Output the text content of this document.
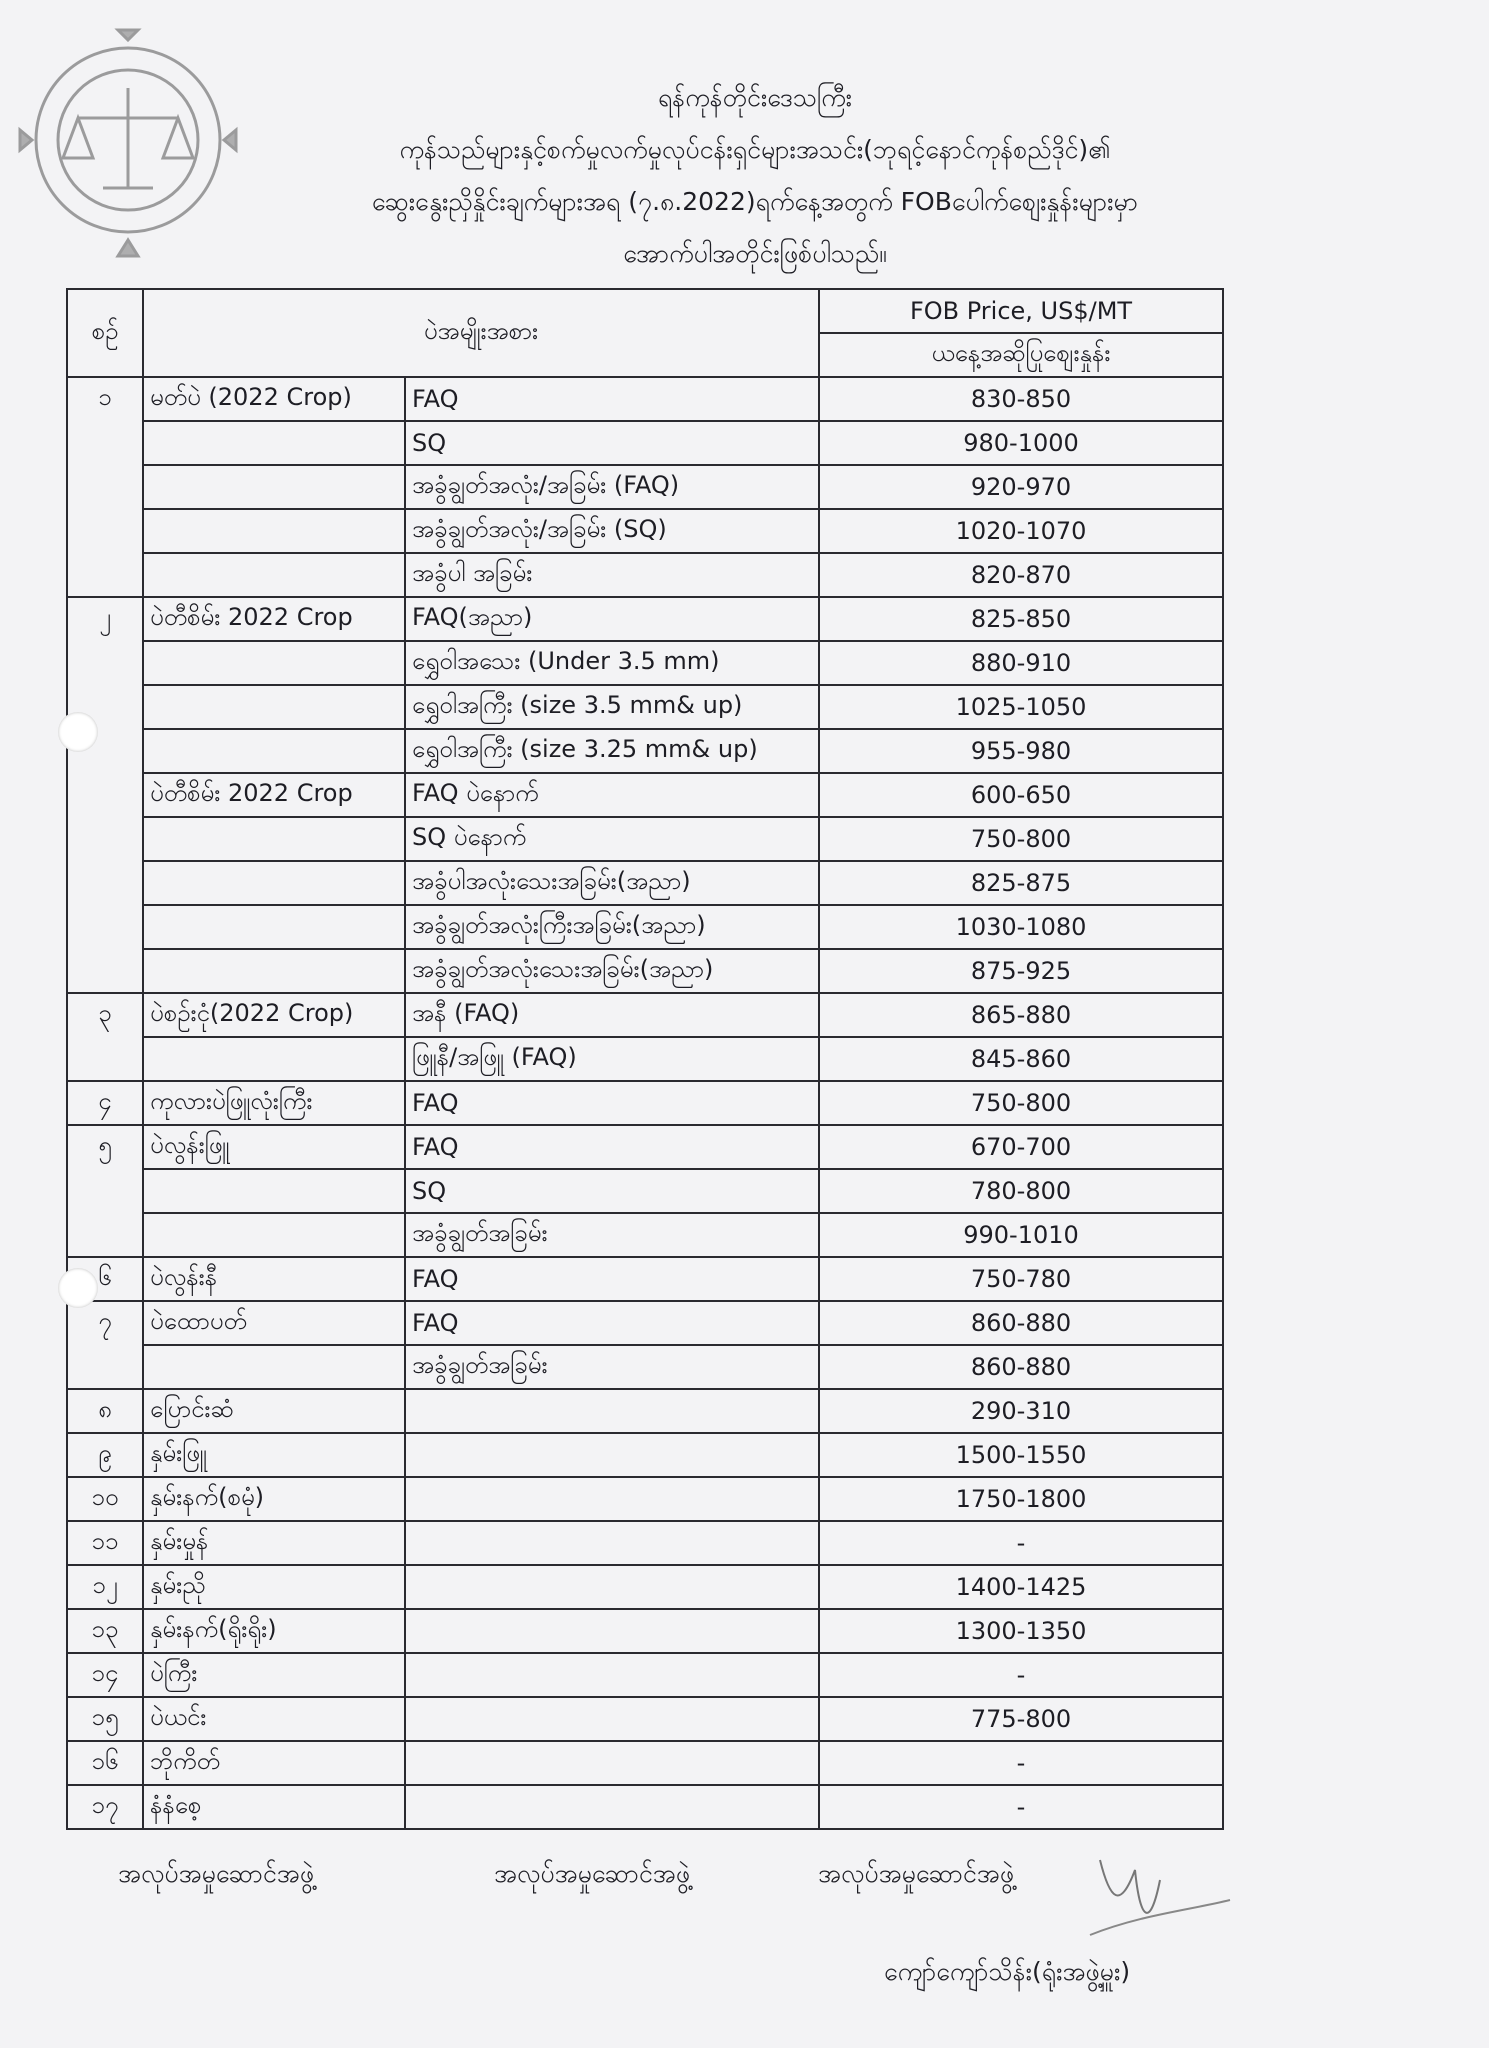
ရန်ကုန်တိုင်းဒေသကြီး
ကုန်သည်များနှင့်စက်မှုလက်မှုလုပ်ငန်းရှင်များအသင်း(ဘုရင့်နောင်ကုန်စည်ဒိုင်)၏
ဆွေးနွေးညှိနှိုင်းချက်များအရ (၇.၈.2022)ရက်နေ့အတွက် FOBပေါက်စျေးနှုန်းများမှာ
အောက်ပါအတိုင်းဖြစ်ပါသည်။
စဉ်	ပဲအမျိုးအစား		FOB Price, US$/MT
			ယနေ့အဆိုပြုစျေးနှုန်း
၁	မတ်ပဲ (2022 Crop)	FAQ	830-850
		SQ	980-1000
		အခွံချွတ်အလုံး/အခြမ်း (FAQ)	920-970
		အခွံချွတ်အလုံး/အခြမ်း (SQ)	1020-1070
		အခွံပါ အခြမ်း	820-870
၂	ပဲတီစိမ်း 2022 Crop	FAQ(အညာ)	825-850
		ရွှေဝါအသေး (Under 3.5 mm)	880-910
		ရွှေဝါအကြီး (size 3.5 mm& up)	1025-1050
		ရွှေဝါအကြီး (size 3.25 mm& up)	955-980
	ပဲတီစိမ်း 2022 Crop	FAQ ပဲနောက်	600-650
		SQ ပဲနောက်	750-800
		အခွံပါအလုံးသေးအခြမ်း(အညာ)	825-875
		အခွံချွတ်အလုံးကြီးအခြမ်း(အညာ)	1030-1080
		အခွံချွတ်အလုံးသေးအခြမ်း(အညာ)	875-925
၃	ပဲစဉ်းငုံ(2022 Crop)	အနီ (FAQ)	865-880
		ဖြူနီ/အဖြူ (FAQ)	845-860
၄	ကုလားပဲဖြူလုံးကြီး	FAQ	750-800
၅	ပဲလွန်းဖြူ	FAQ	670-700
		SQ	780-800
		အခွံချွတ်အခြမ်း	990-1010
၆	ပဲလွန်းနီ	FAQ	750-780
၇	ပဲထောပတ်	FAQ	860-880
		အခွံချွတ်အခြမ်း	860-880
၈	ပြောင်းဆံ		290-310
၉	နှမ်းဖြူ		1500-1550
၁၀	နှမ်းနက်(စမုံ)		1750-1800
၁၁	နှမ်းမှုန်		-
၁၂	နှမ်းညို		1400-1425
၁၃	နှမ်းနက်(ရိုးရိုး)		1300-1350
၁၄	ပဲကြီး		-
၁၅	ပဲယင်း		775-800
၁၆	ဘိုကိတ်		-
၁၇	နံနံစေ့		-
အလုပ်အမှုဆောင်အဖွဲ့	အလုပ်အမှုဆောင်အဖွဲ့	အလုပ်အမှုဆောင်အဖွဲ့
ကျော်ကျော်သိန်း(ရုံးအဖွဲ့မှူး)
